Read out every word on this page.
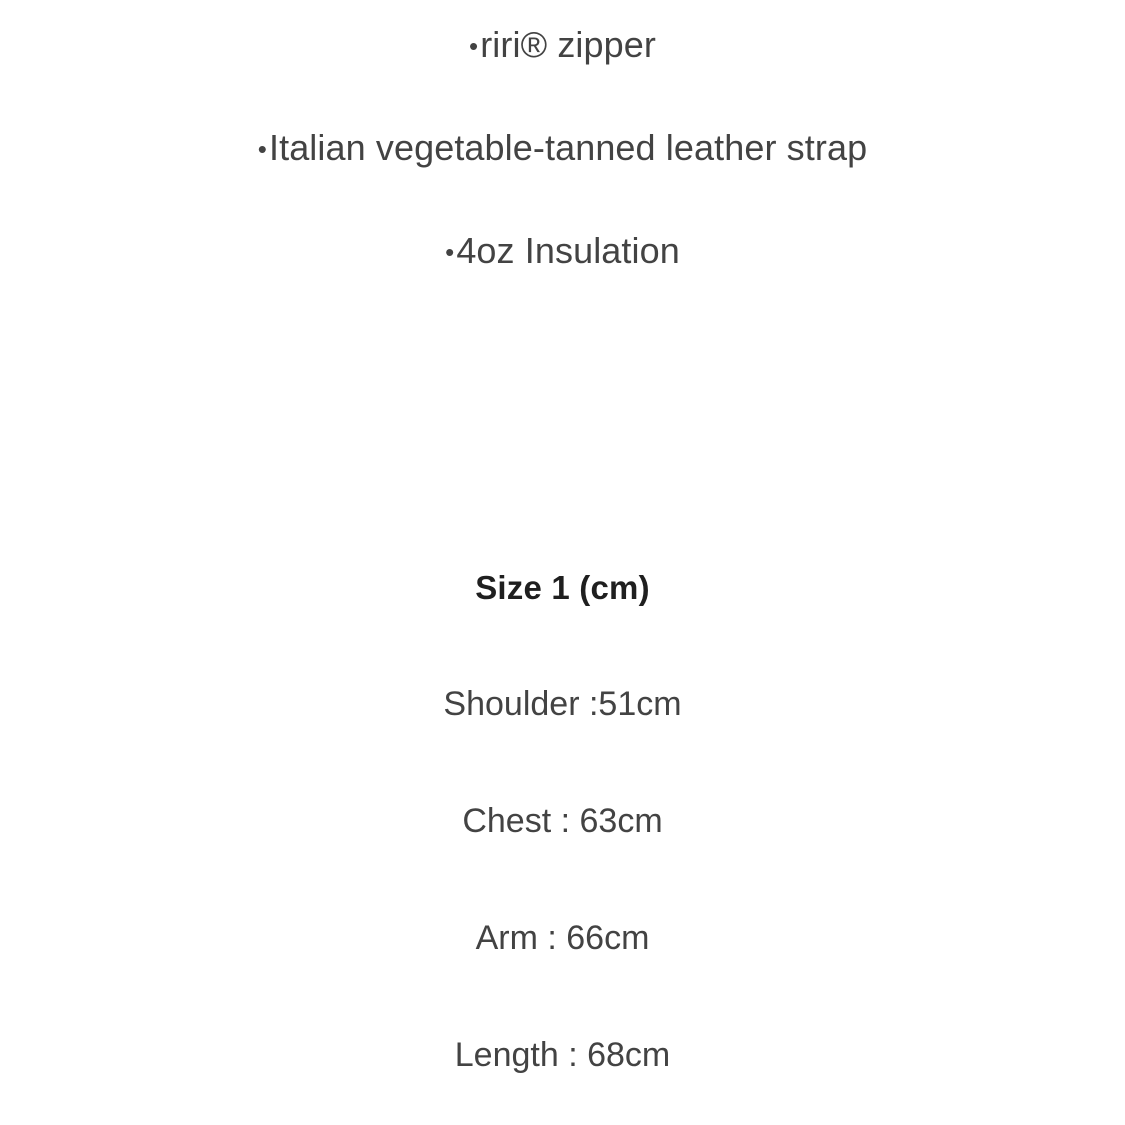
•riri® zipper

•Italian vegetable-tanned leather strap

•4oz Insulation

Size 1 (cm)

Shoulder :51cm

Chest : 63cm

Arm : 66cm

Length : 68cm
